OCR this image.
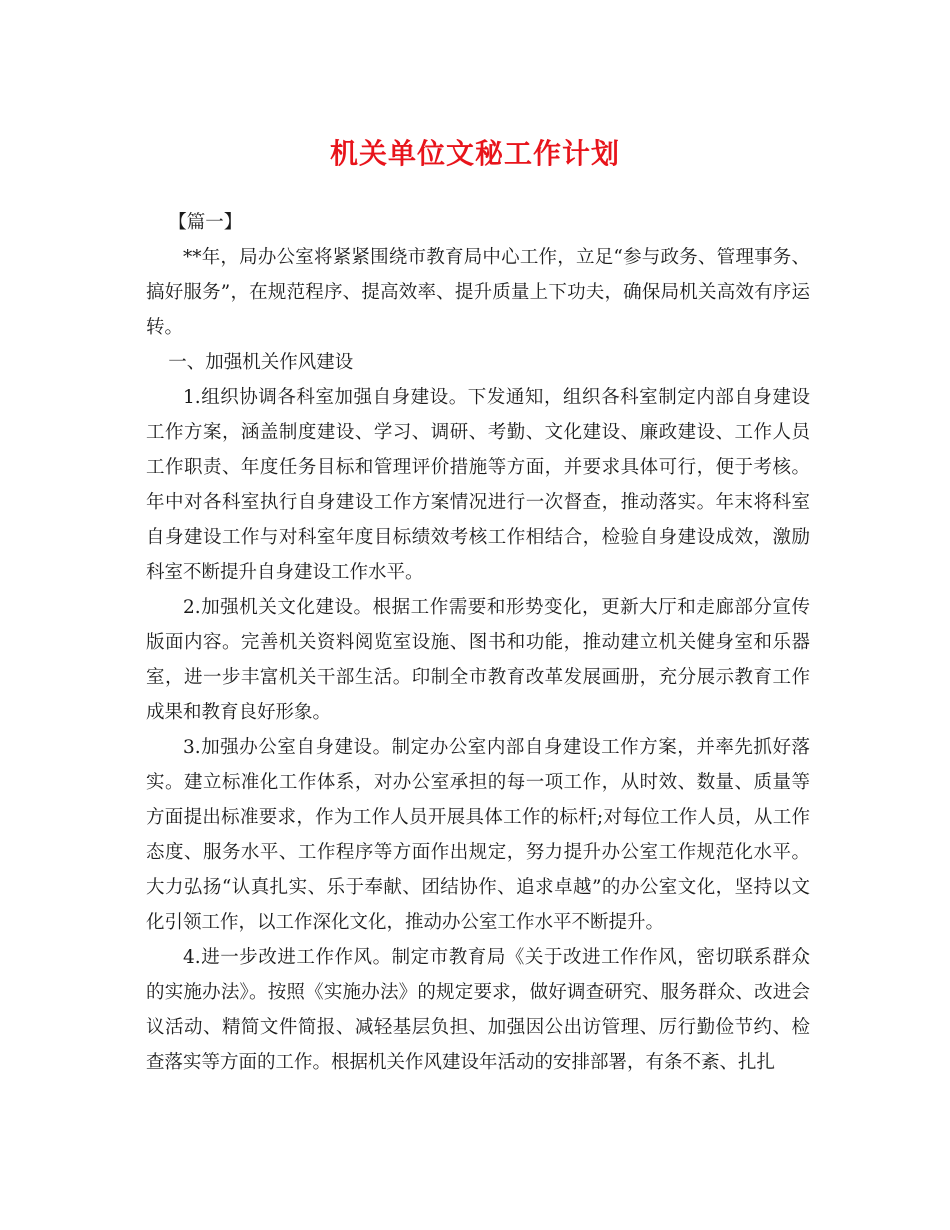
机关单位文秘工作计划

【篇一】

**年，局办公室将紧紧围绕市教育局中心工作，立足“参与政务、管理事务、搞好服务”，在规范程序、提高效率、提升质量上下功夫，确保局机关高效有序运转。

一、加强机关作风建设

1.组织协调各科室加强自身建设。下发通知，组织各科室制定内部自身建设工作方案，涵盖制度建设、学习、调研、考勤、文化建设、廉政建设、工作人员工作职责、年度任务目标和管理评价措施等方面，并要求具体可行，便于考核。年中对各科室执行自身建设工作方案情况进行一次督查，推动落实。年末将科室自身建设工作与对科室年度目标绩效考核工作相结合，检验自身建设成效，激励科室不断提升自身建设工作水平。

2.加强机关文化建设。根据工作需要和形势变化，更新大厅和走廊部分宣传版面内容。完善机关资料阅览室设施、图书和功能，推动建立机关健身室和乐器室，进一步丰富机关干部生活。印制全市教育改革发展画册，充分展示教育工作成果和教育良好形象。

3.加强办公室自身建设。制定办公室内部自身建设工作方案，并率先抓好落实。建立标准化工作体系，对办公室承担的每一项工作，从时效、数量、质量等方面提出标准要求，作为工作人员开展具体工作的标杆;对每位工作人员，从工作态度、服务水平、工作程序等方面作出规定，努力提升办公室工作规范化水平。大力弘扬“认真扎实、乐于奉献、团结协作、追求卓越”的办公室文化，坚持以文化引领工作，以工作深化文化，推动办公室工作水平不断提升。

4.进一步改进工作作风。制定市教育局《关于改进工作作风，密切联系群众的实施办法》。按照《实施办法》的规定要求，做好调查研究、服务群众、改进会议活动、精简文件简报、减轻基层负担、加强因公出访管理、厉行勤俭节约、检查落实等方面的工作。根据机关作风建设年活动的安排部署，有条不紊、扎扎
